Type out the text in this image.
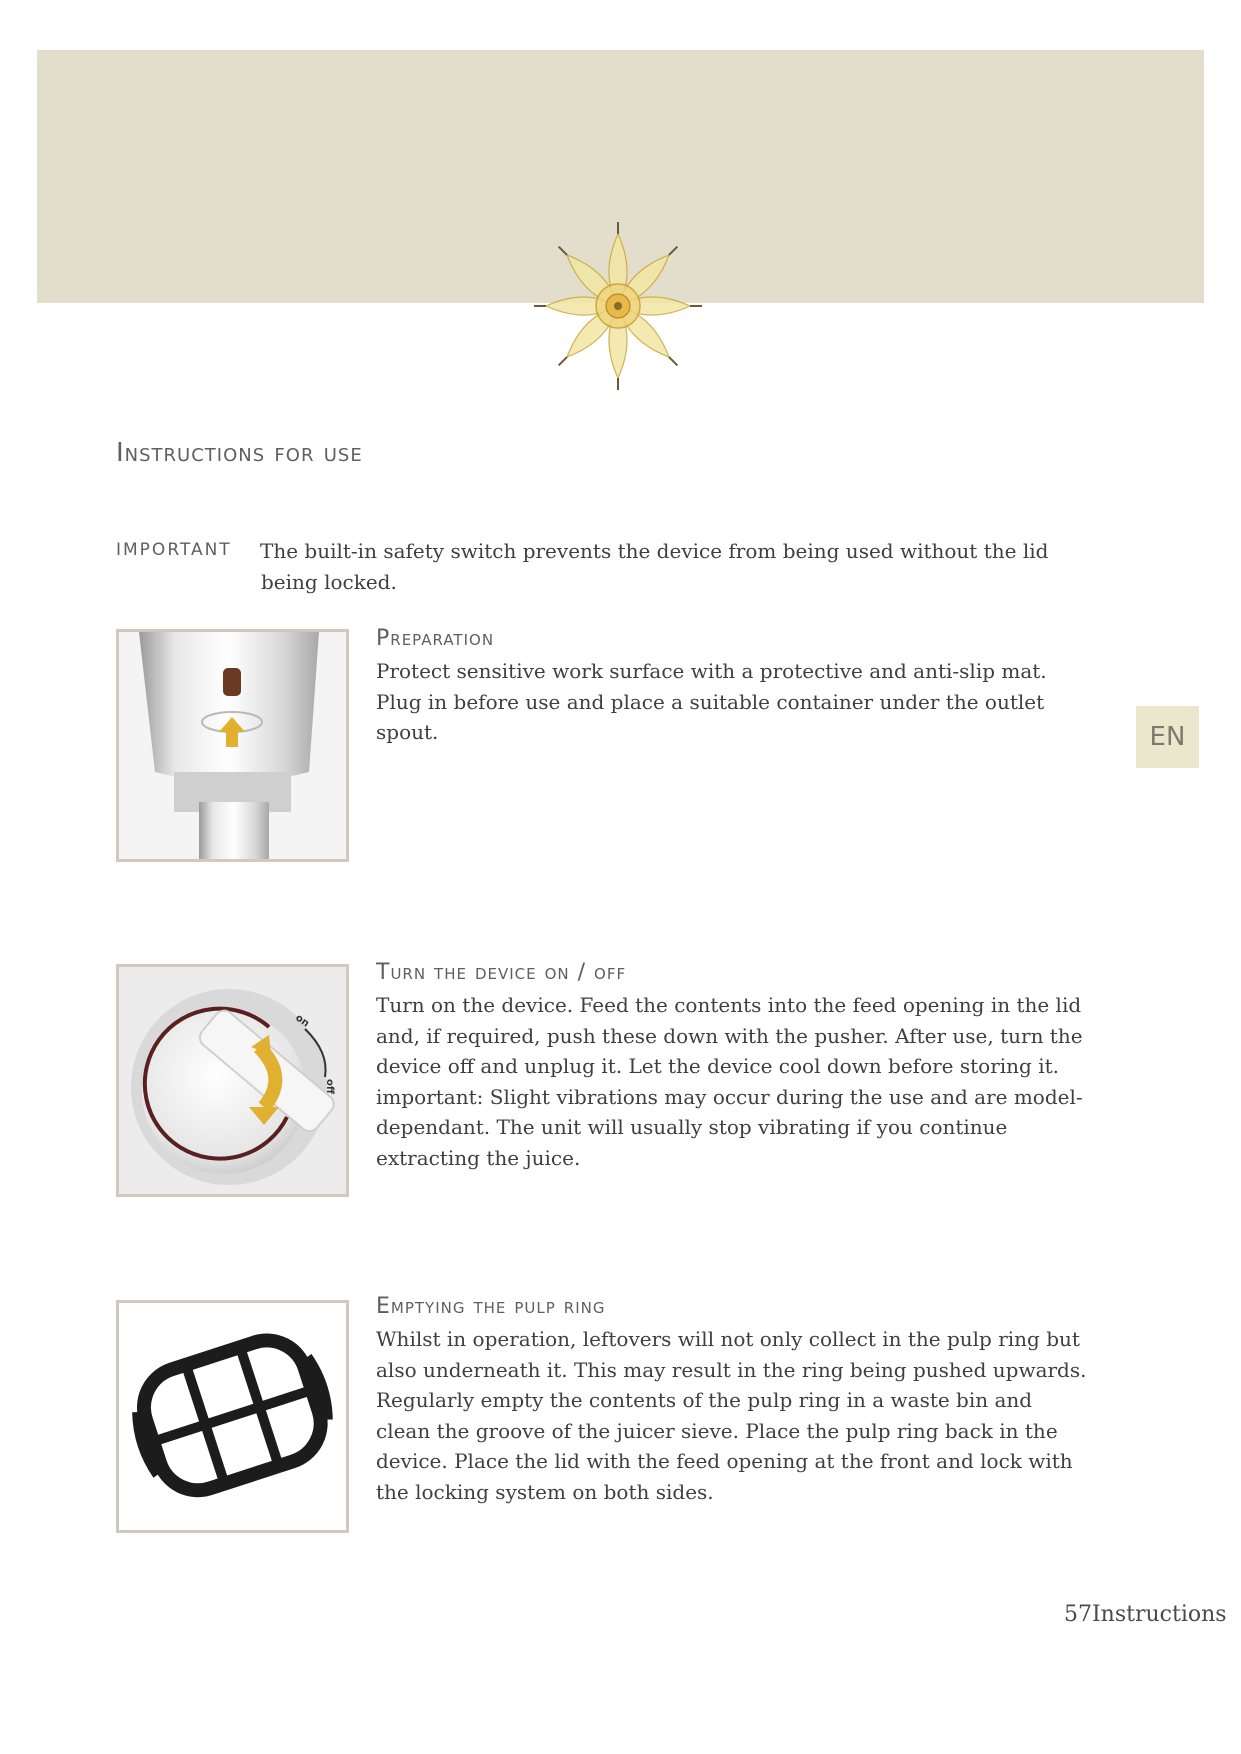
Instructions for use
IMPORTANT The built-in safety switch prevents the device from being used without the lid
being locked.
Preparation
Protect sensitive work surface with a protective and anti-slip mat. Plug in before use and place a suitable container under the outlet spout.	EN
on
off
Turn the device on / off
Turn on the device. Feed the contents into the feed opening in the lid and, if required, push these down with the pusher. After use, turn the device off and unplug it. Let the device cool down before storing it. important: Slight vibrations may occur during the use and are model-dependant. The unit will usually stop vibrating if you continue extracting the juice.
Emptying the pulp ring
Whilst in operation, leftovers will not only collect in the pulp ring but also underneath it. This may result in the ring being pushed upwards. Regularly empty the contents of the pulp ring in a waste bin and clean the groove of the juicer sieve. Place the pulp ring back in the device. Place the lid with the feed opening at the front and lock with the locking system on both sides.
57Instructions
